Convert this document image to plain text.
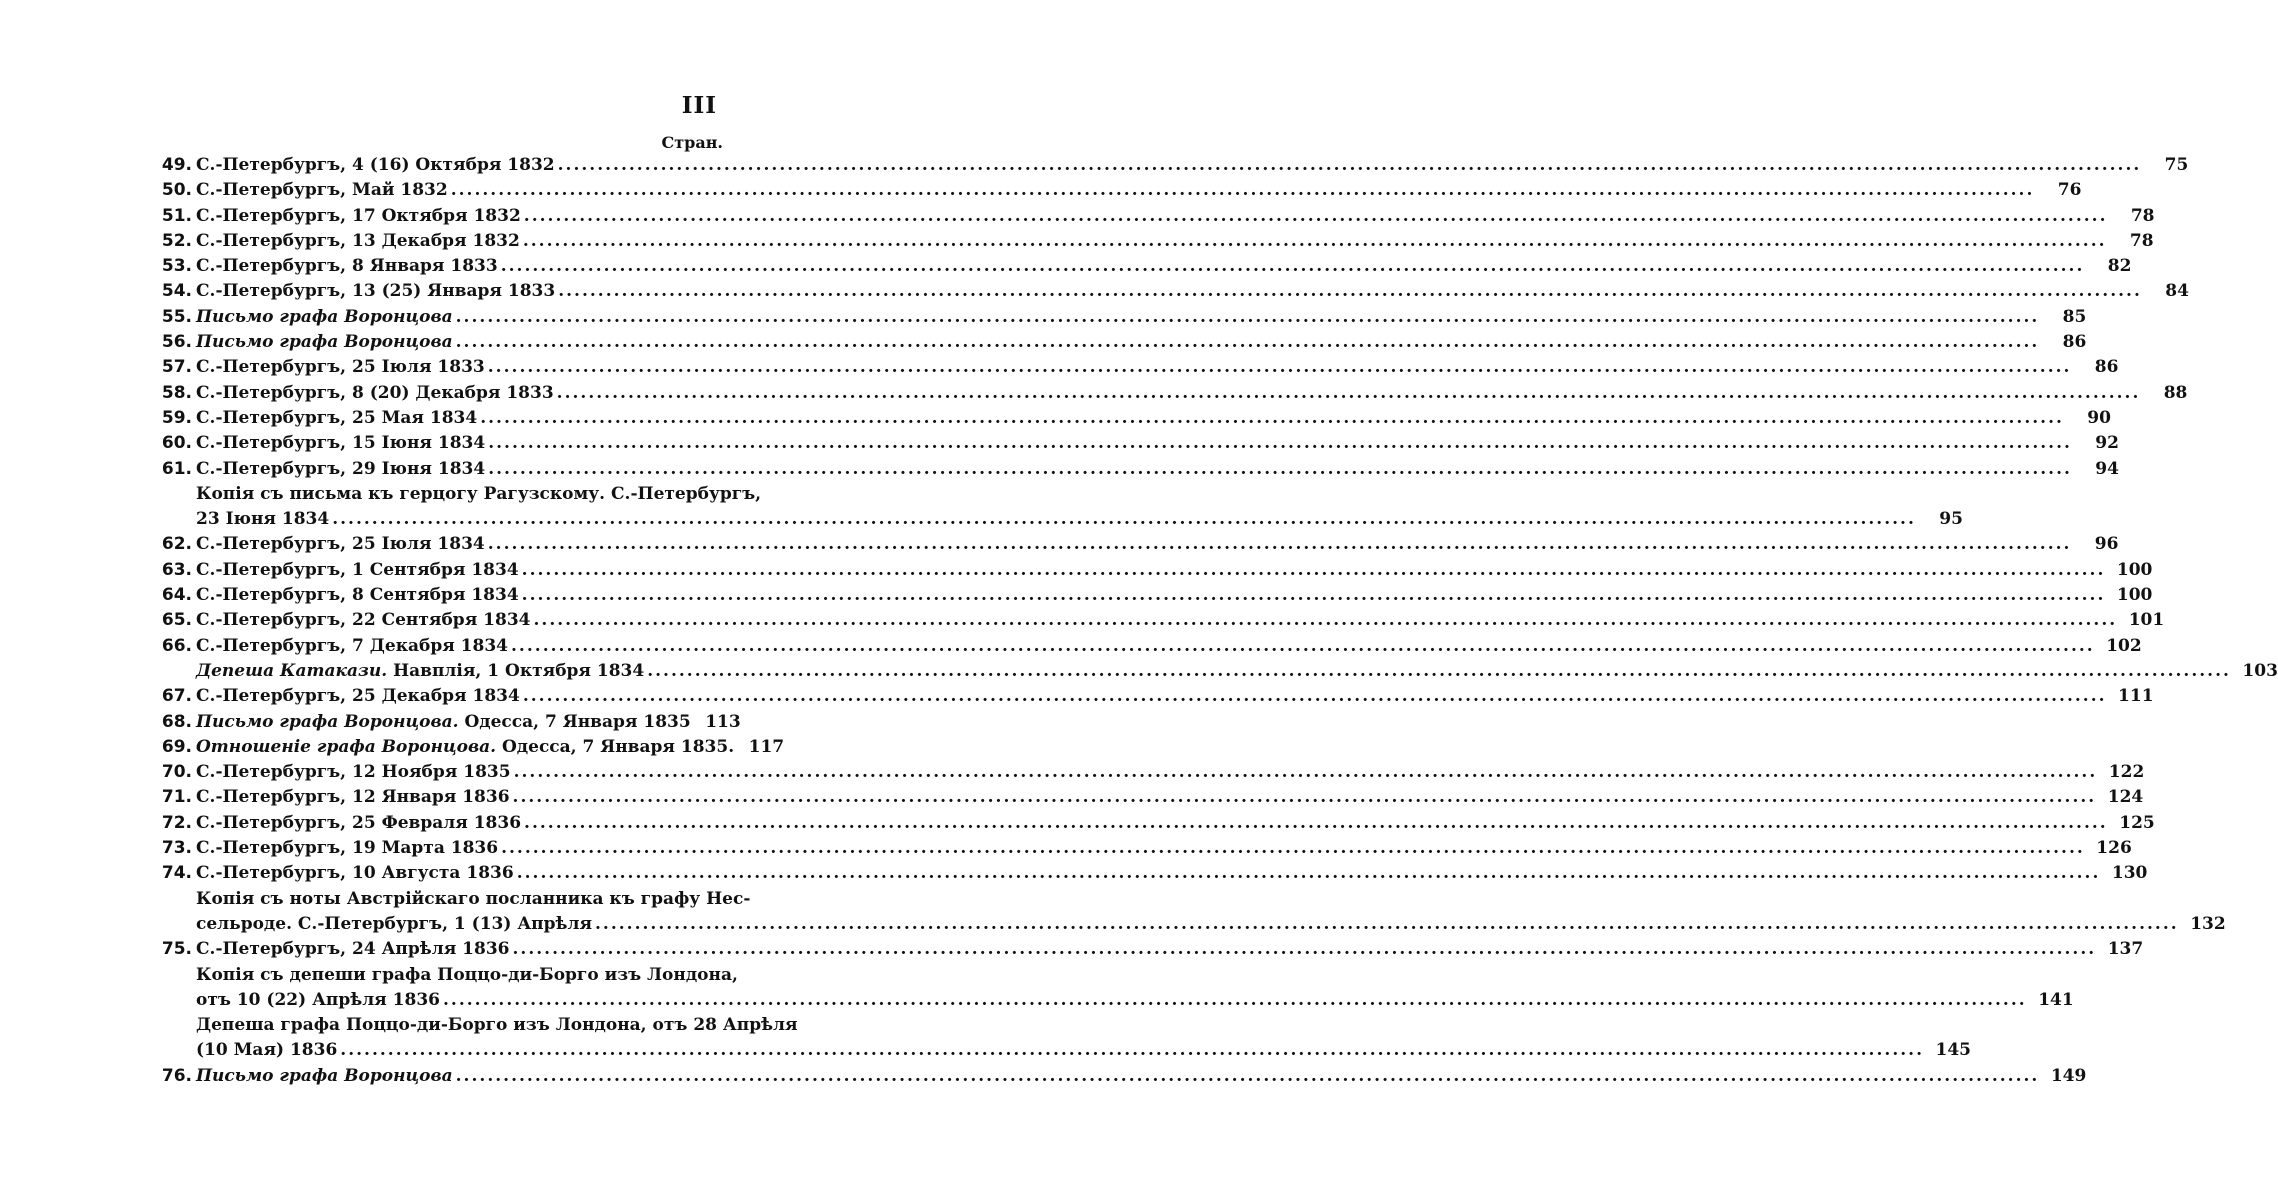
III
Стран.
49. С.-Петербургъ, 4 (16) Октября 1832 ........................................................................................................................................................................................................	75
50. С.-Петербургъ, Май 1832 ........................................................................................................................................................................................................	76
51. С.-Петербургъ, 17 Октября 1832 ........................................................................................................................................................................................................	78
52. С.-Петербургъ, 13 Декабря 1832 ........................................................................................................................................................................................................	78
53. С.-Петербургъ, 8 Января 1833 ........................................................................................................................................................................................................	82
54. С.-Петербургъ, 13 (25) Января 1833 ........................................................................................................................................................................................................	84
55. Письмо графа Воронцова ........................................................................................................................................................................................................	85
56. Письмо графа Воронцова ........................................................................................................................................................................................................	86
57. С.-Петербургъ, 25 Іюля 1833 ........................................................................................................................................................................................................	86
58. С.-Петербургъ, 8 (20) Декабря 1833 ........................................................................................................................................................................................................	88
59. С.-Петербургъ, 25 Мая 1834 ........................................................................................................................................................................................................	90
60. С.-Петербургъ, 15 Іюня 1834 ........................................................................................................................................................................................................	92
61. С.-Петербургъ, 29 Іюня 1834 ........................................................................................................................................................................................................	94
Копія съ письма къ герцогу Рагузскому. С.-Петербургъ,
23 Іюня 1834 ........................................................................................................................................................................................................	95
62. С.-Петербургъ, 25 Іюля 1834 ........................................................................................................................................................................................................	96
63. С.-Петербургъ, 1 Сентября 1834 ........................................................................................................................................................................................................ 100
64. С.-Петербургъ, 8 Сентября 1834 ........................................................................................................................................................................................................ 100
65. С.-Петербургъ, 22 Сентября 1834 ........................................................................................................................................................................................................ 101
66. С.-Петербургъ, 7 Декабря 1834 ........................................................................................................................................................................................................ 102
Депеша Катакази. Навплія, 1 Октября 1834 ........................................................................................................................................................................................................ 103
67. С.-Петербургъ, 25 Декабря 1834 ........................................................................................................................................................................................................ 111
68. Письмо графа Воронцова. Одесса, 7 Января 1835 113
69. Отношеніе графа Воронцова. Одесса, 7 Января 1835. 117
70. С.-Петербургъ, 12 Ноября 1835 ........................................................................................................................................................................................................ 122
71. С.-Петербургъ, 12 Января 1836 ........................................................................................................................................................................................................ 124
72. С.-Петербургъ, 25 Февраля 1836 ........................................................................................................................................................................................................ 125
73. С.-Петербургъ, 19 Марта 1836 ........................................................................................................................................................................................................ 126
74. С.-Петербургъ, 10 Августа 1836 ........................................................................................................................................................................................................ 130
Копія съ ноты Австрійскаго посланника къ графу Нес-
сельроде. С.-Петербургъ, 1 (13) Апрѣля ........................................................................................................................................................................................................ 132
75. С.-Петербургъ, 24 Апрѣля 1836 ........................................................................................................................................................................................................ 137
Копія съ депеши графа Поццо-ди-Борго изъ Лондона,
отъ 10 (22) Апрѣля 1836 ........................................................................................................................................................................................................ 141
Депеша графа Поццо-ди-Борго изъ Лондона, отъ 28 Апрѣля
(10 Мая) 1836 ........................................................................................................................................................................................................ 145
76. Письмо графа Воронцова ........................................................................................................................................................................................................ 149
